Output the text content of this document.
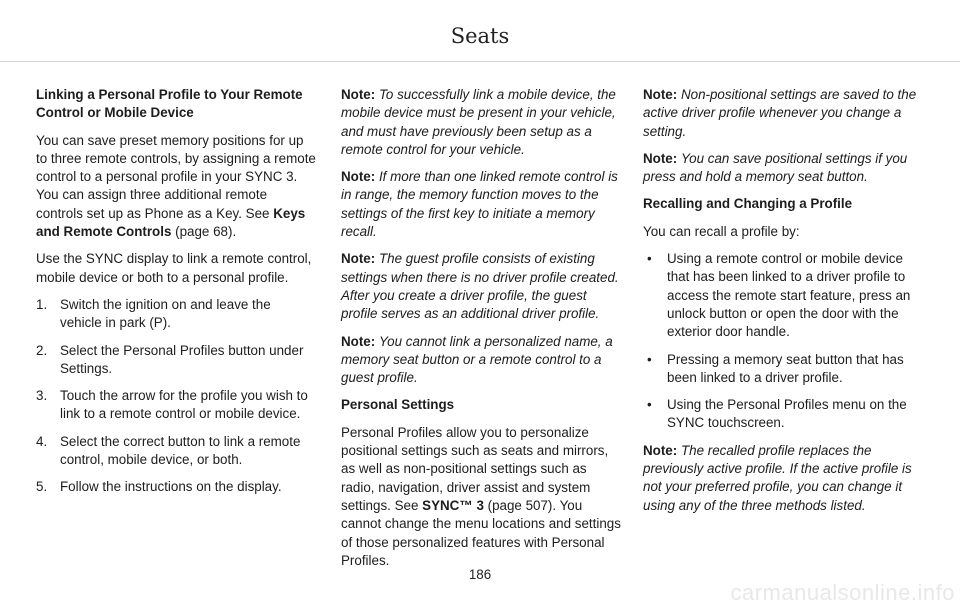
Seats

Linking a Personal Profile to Your Remote Control or Mobile Device

You can save preset memory positions for up to three remote controls, by assigning a remote control to a personal profile in your SYNC 3. You can assign three additional remote controls set up as Phone as a Key. See Keys and Remote Controls (page 68).

Use the SYNC display to link a remote control, mobile device or both to a personal profile.

1. Switch the ignition on and leave the vehicle in park (P).
2. Select the Personal Profiles button under Settings.
3. Touch the arrow for the profile you wish to link to a remote control or mobile device.
4. Select the correct button to link a remote control, mobile device, or both.
5. Follow the instructions on the display.

Note: To successfully link a mobile device, the mobile device must be present in your vehicle, and must have previously been setup as a remote control for your vehicle.

Note: If more than one linked remote control is in range, the memory function moves to the settings of the first key to initiate a memory recall.

Note: The guest profile consists of existing settings when there is no driver profile created. After you create a driver profile, the guest profile serves as an additional driver profile.

Note: You cannot link a personalized name, a memory seat button or a remote control to a guest profile.

Personal Settings

Personal Profiles allow you to personalize positional settings such as seats and mirrors, as well as non-positional settings such as radio, navigation, driver assist and system settings. See SYNC™ 3 (page 507). You cannot change the menu locations and settings of those personalized features with Personal Profiles.

Note: Non-positional settings are saved to the active driver profile whenever you change a setting.

Note: You can save positional settings if you press and hold a memory seat button.

Recalling and Changing a Profile

You can recall a profile by:

• Using a remote control or mobile device that has been linked to a driver profile to access the remote start feature, press an unlock button or open the door with the exterior door handle.
• Pressing a memory seat button that has been linked to a driver profile.
• Using the Personal Profiles menu on the SYNC touchscreen.

Note: The recalled profile replaces the previously active profile. If the active profile is not your preferred profile, you can change it using any of the three methods listed.

186
carmanualsonline.info
